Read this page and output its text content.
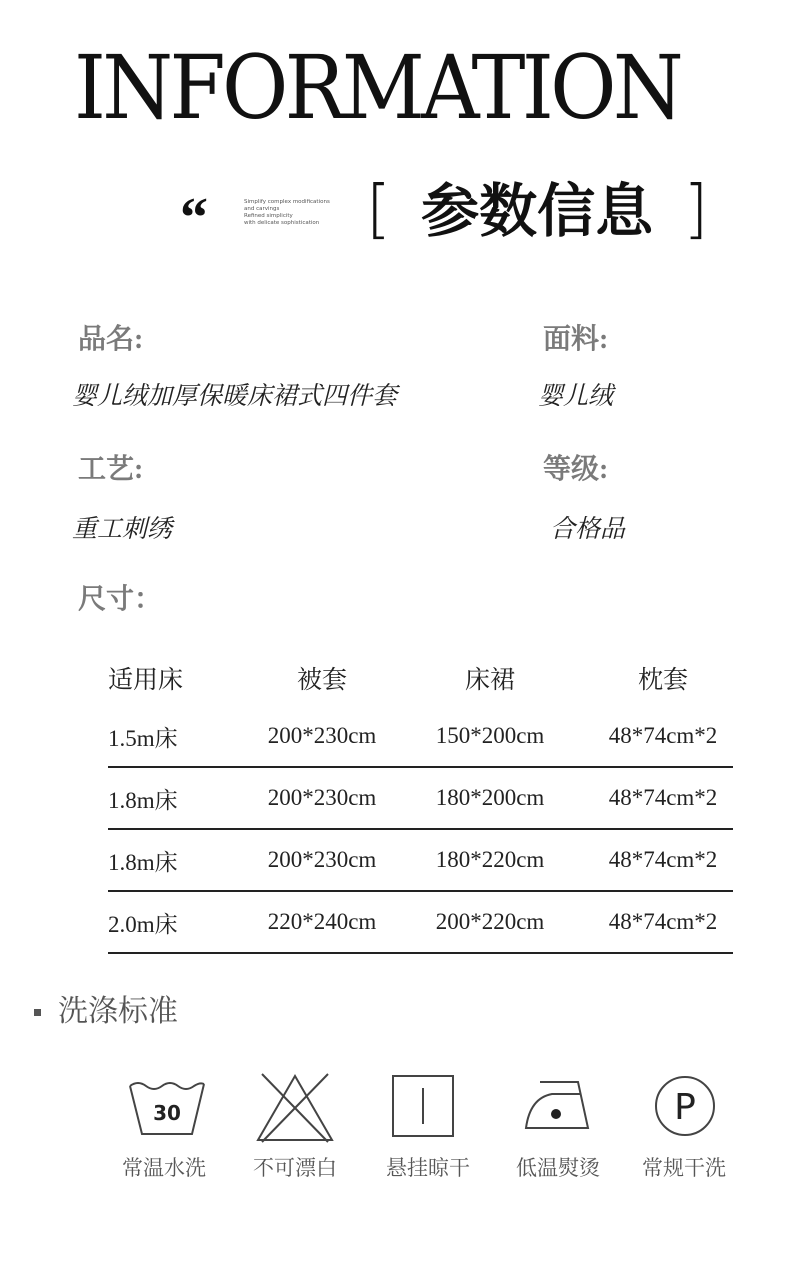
INFORMATION
“	Simplify complex modifications
and carvings
Refined simplicity
with delicate sophistication [ 参数信息 ]
品名:
婴儿绒加厚保暖床裙式四件套
面料:
婴儿绒
工艺:
重工刺绣
等级:
合格品
尺寸：
适用床	被套	床裙	枕套
1.5m床	200*230cm	150*200cm	48*74cm*2
1.8m床	200*230cm	180*200cm	48*74cm*2
1.8m床	200*230cm	180*220cm	48*74cm*2
2.0m床	220*240cm	200*220cm	48*74cm*2
洗涤标准
30	P
常温水洗	不可漂白	悬挂晾干	低温熨烫	常规干洗
